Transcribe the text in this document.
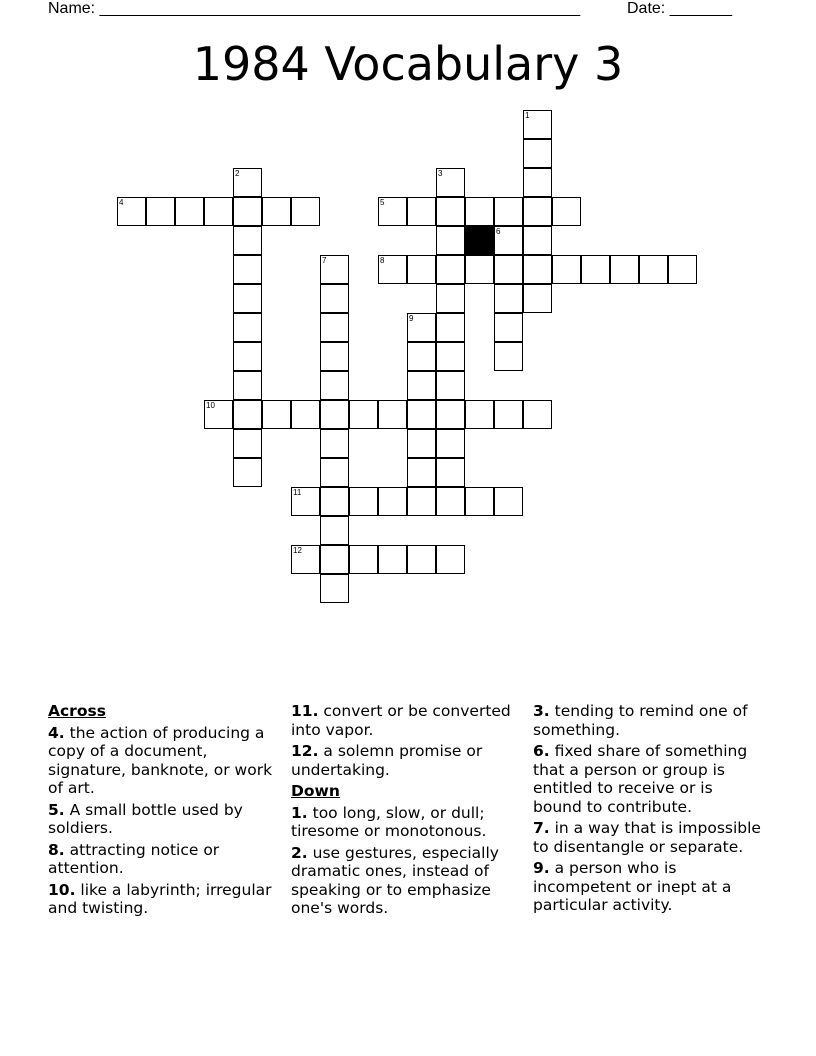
Name: ______________________________________________________	Date: _______
1984 Vocabulary 3
1
2	3
4	5
6
7	8
9
10
11
12
Across
4. the action of producing a copy of a document, signature, banknote, or work of art.
5. A small bottle used by soldiers.
8. attracting notice or attention.
10. like a labyrinth; irregular and twisting.
11. convert or be converted into vapor.
12. a solemn promise or undertaking.
Down
1. too long, slow, or dull; tiresome or monotonous.
2. use gestures, especially dramatic ones, instead of speaking or to emphasize one's words.
3. tending to remind one of something.
6. fixed share of something that a person or group is entitled to receive or is bound to contribute.
7. in a way that is impossible to disentangle or separate.
9. a person who is incompetent or inept at a particular activity.
